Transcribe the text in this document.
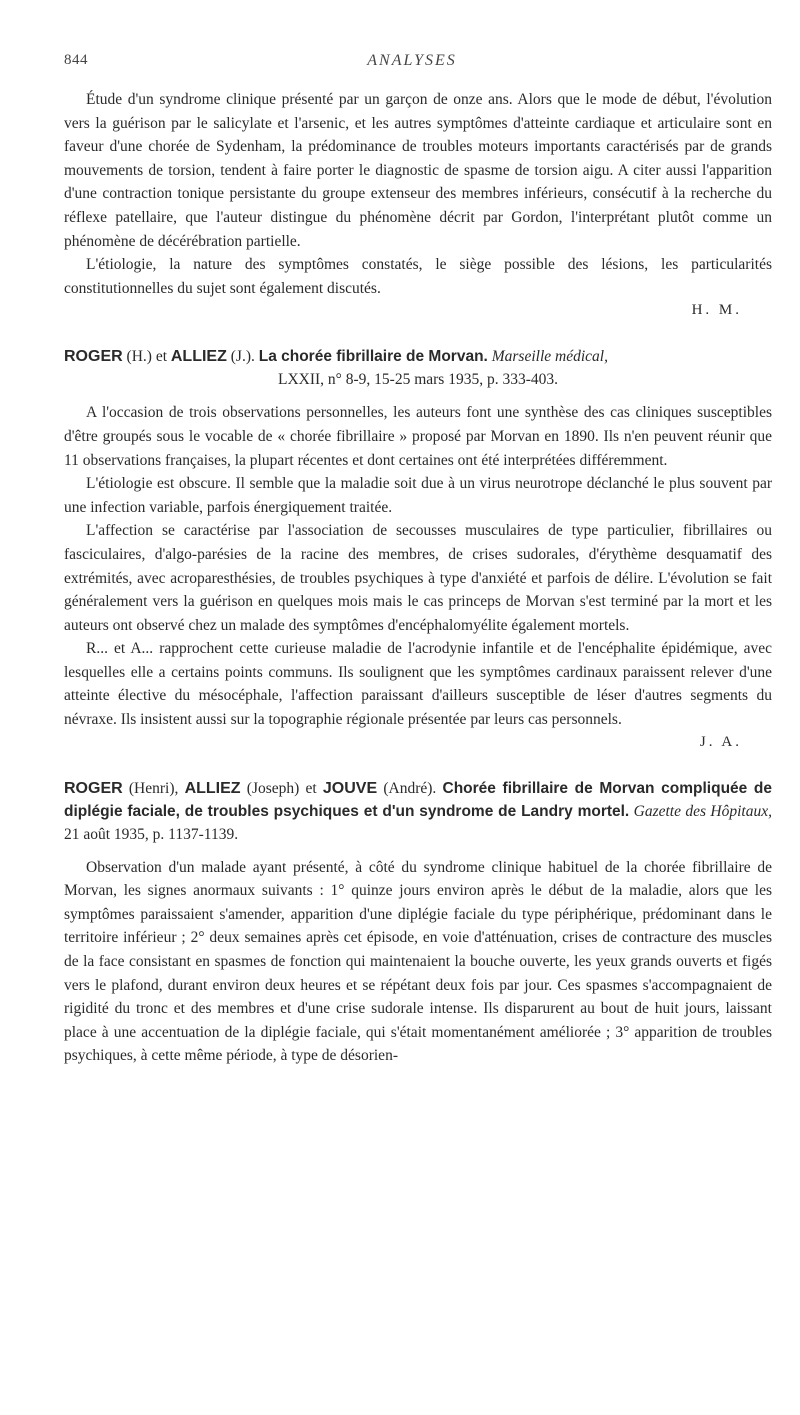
844	ANALYSES

Étude d'un syndrome clinique présenté par un garçon de onze ans. Alors que le mode de début, l'évolution vers la guérison par le salicylate et l'arsenic, et les autres symptômes d'atteinte cardiaque et articulaire sont en faveur d'une chorée de Sydenham, la prédominance de troubles moteurs importants caractérisés par de grands mouvements de torsion, tendent à faire porter le diagnostic de spasme de torsion aigu. A citer aussi l'apparition d'une contraction tonique persistante du groupe extenseur des membres inférieurs, consécutif à la recherche du réflexe patellaire, que l'auteur distingue du phénomène décrit par Gordon, l'interprétant plutôt comme un phénomène de décérébration partielle.

L'étiologie, la nature des symptômes constatés, le siège possible des lésions, les particularités constitutionnelles du sujet sont également discutés.

H. M.
ROGER (H.) et ALLIEZ (J.). La chorée fibrillaire de Morvan. Marseille médical,
LXXII, n° 8-9, 15-25 mars 1935, p. 333-403.

A l'occasion de trois observations personnelles, les auteurs font une synthèse des cas cliniques susceptibles d'être groupés sous le vocable de « chorée fibrillaire » proposé par Morvan en 1890. Ils n'en peuvent réunir que 11 observations françaises, la plupart récentes et dont certaines ont été interprétées différemment.

L'étiologie est obscure. Il semble que la maladie soit due à un virus neurotrope déclanché le plus souvent par une infection variable, parfois énergiquement traitée.

L'affection se caractérise par l'association de secousses musculaires de type particulier, fibrillaires ou fasciculaires, d'algo-parésies de la racine des membres, de crises sudorales, d'érythème desquamatif des extrémités, avec acroparesthésies, de troubles psychiques à type d'anxiété et parfois de délire. L'évolution se fait généralement vers la guérison en quelques mois mais le cas princeps de Morvan s'est terminé par la mort et les auteurs ont observé chez un malade des symptômes d'encéphalomyélite également mortels.

R... et A... rapprochent cette curieuse maladie de l'acrodynie infantile et de l'encéphalite épidémique, avec lesquelles elle a certains points communs. Ils soulignent que les symptômes cardinaux paraissent relever d'une atteinte élective du mésocéphale, l'affection paraissant d'ailleurs susceptible de léser d'autres segments du névraxe. Ils insistent aussi sur la topographie régionale présentée par leurs cas personnels.

J. A.
ROGER (Henri), ALLIEZ (Joseph) et JOUVE (André). Chorée fibrillaire de Morvan compliquée de diplégie faciale, de troubles psychiques et d'un syndrome de Landry mortel. Gazette des Hôpitaux, 21 août 1935, p. 1137-1139.

Observation d'un malade ayant présenté, à côté du syndrome clinique habituel de la chorée fibrillaire de Morvan, les signes anormaux suivants : 1° quinze jours environ après le début de la maladie, alors que les symptômes paraissaient s'amender, apparition d'une diplégie faciale du type périphérique, prédominant dans le territoire inférieur ; 2° deux semaines après cet épisode, en voie d'atténuation, crises de contracture des muscles de la face consistant en spasmes de fonction qui maintenaient la bouche ouverte, les yeux grands ouverts et figés vers le plafond, durant environ deux heures et se répétant deux fois par jour. Ces spasmes s'accompagnaient de rigidité du tronc et des membres et d'une crise sudorale intense. Ils disparurent au bout de huit jours, laissant place à une accentuation de la diplégie faciale, qui s'était momentanément améliorée ; 3° apparition de troubles psychiques, à cette même période, à type de désorien-
